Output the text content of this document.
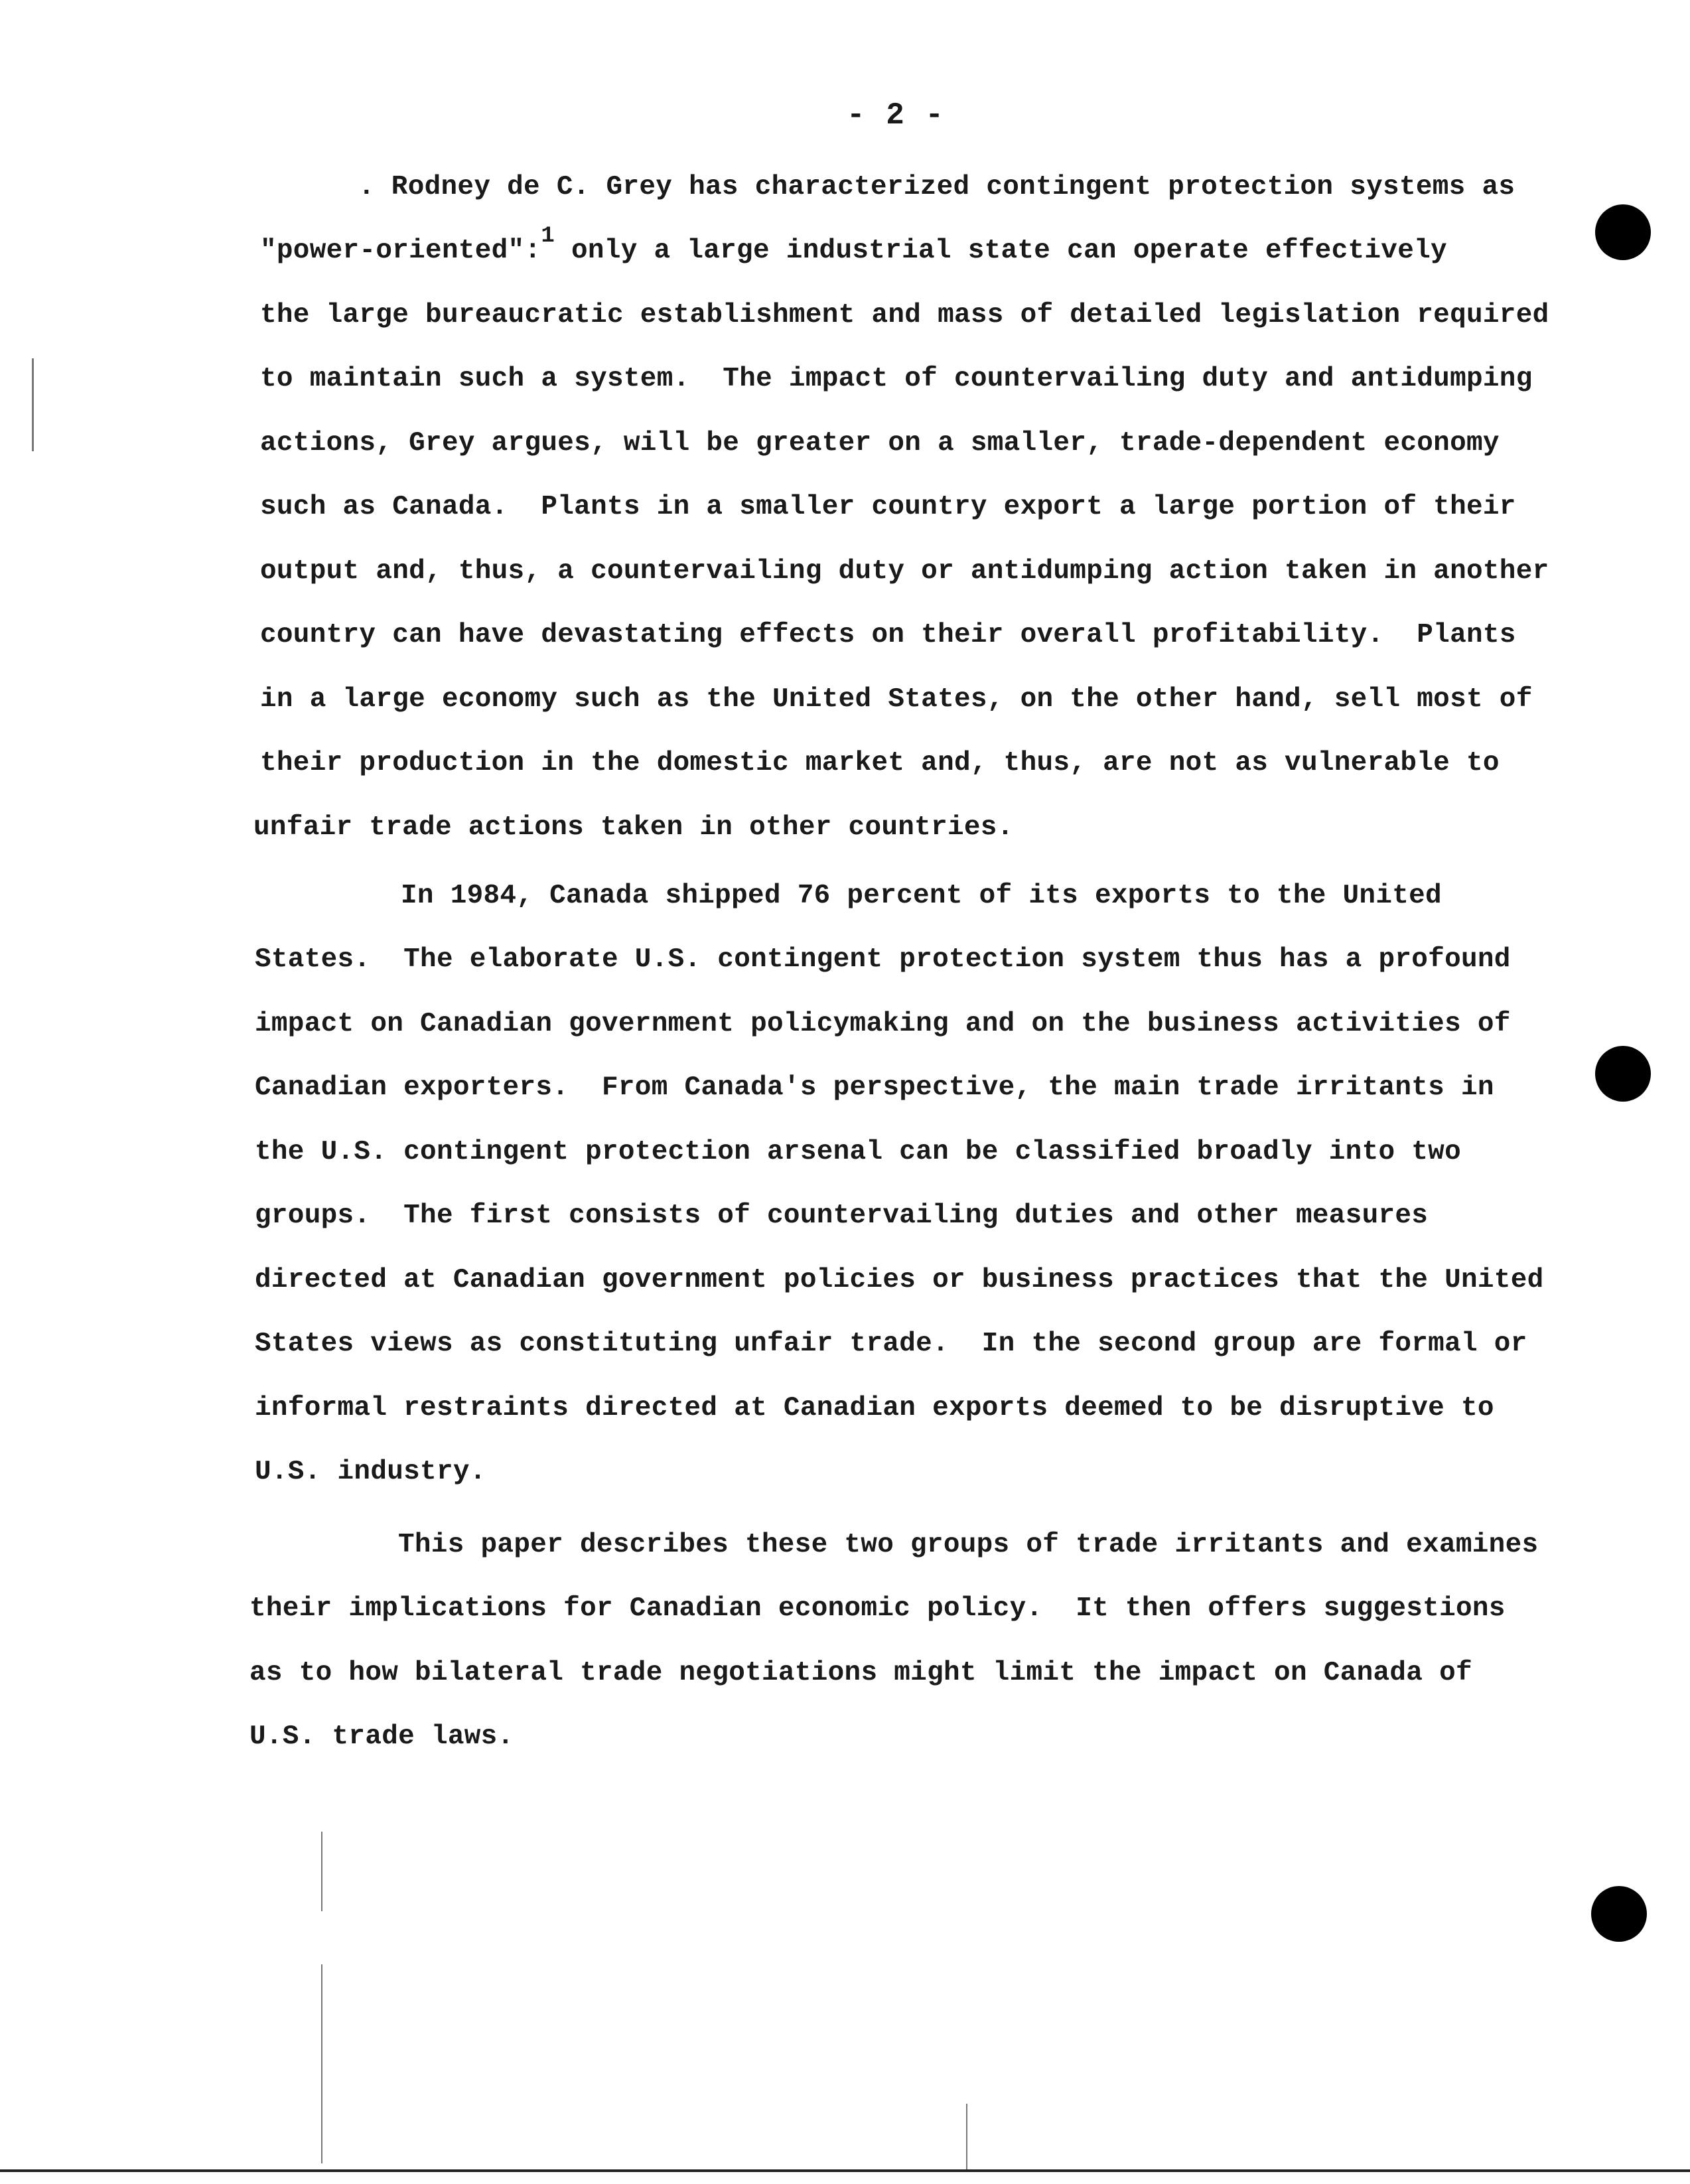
- 2 -
. Rodney de C. Grey has characterized contingent protection systems as
"power-oriented":$^1$ only a large industrial state can operate effectively
the large bureaucratic establishment and mass of detailed legislation required
to maintain such a system.  The impact of countervailing duty and antidumping
actions, Grey argues, will be greater on a smaller, trade-dependent economy
such as Canada.  Plants in a smaller country export a large portion of their
output and, thus, a countervailing duty or antidumping action taken in another
country can have devastating effects on their overall profitability.  Plants
in a large economy such as the United States, on the other hand, sell most of
their production in the domestic market and, thus, are not as vulnerable to
unfair trade actions taken in other countries.
In 1984, Canada shipped 76 percent of its exports to the United
States.  The elaborate U.S. contingent protection system thus has a profound
impact on Canadian government policymaking and on the business activities of
Canadian exporters.  From Canada's perspective, the main trade irritants in
the U.S. contingent protection arsenal can be classified broadly into two
groups.  The first consists of countervailing duties and other measures
directed at Canadian government policies or business practices that the United
States views as constituting unfair trade.  In the second group are formal or
informal restraints directed at Canadian exports deemed to be disruptive to
U.S. industry.
This paper describes these two groups of trade irritants and examines
their implications for Canadian economic policy.  It then offers suggestions
as to how bilateral trade negotiations might limit the impact on Canada of
U.S. trade laws.
